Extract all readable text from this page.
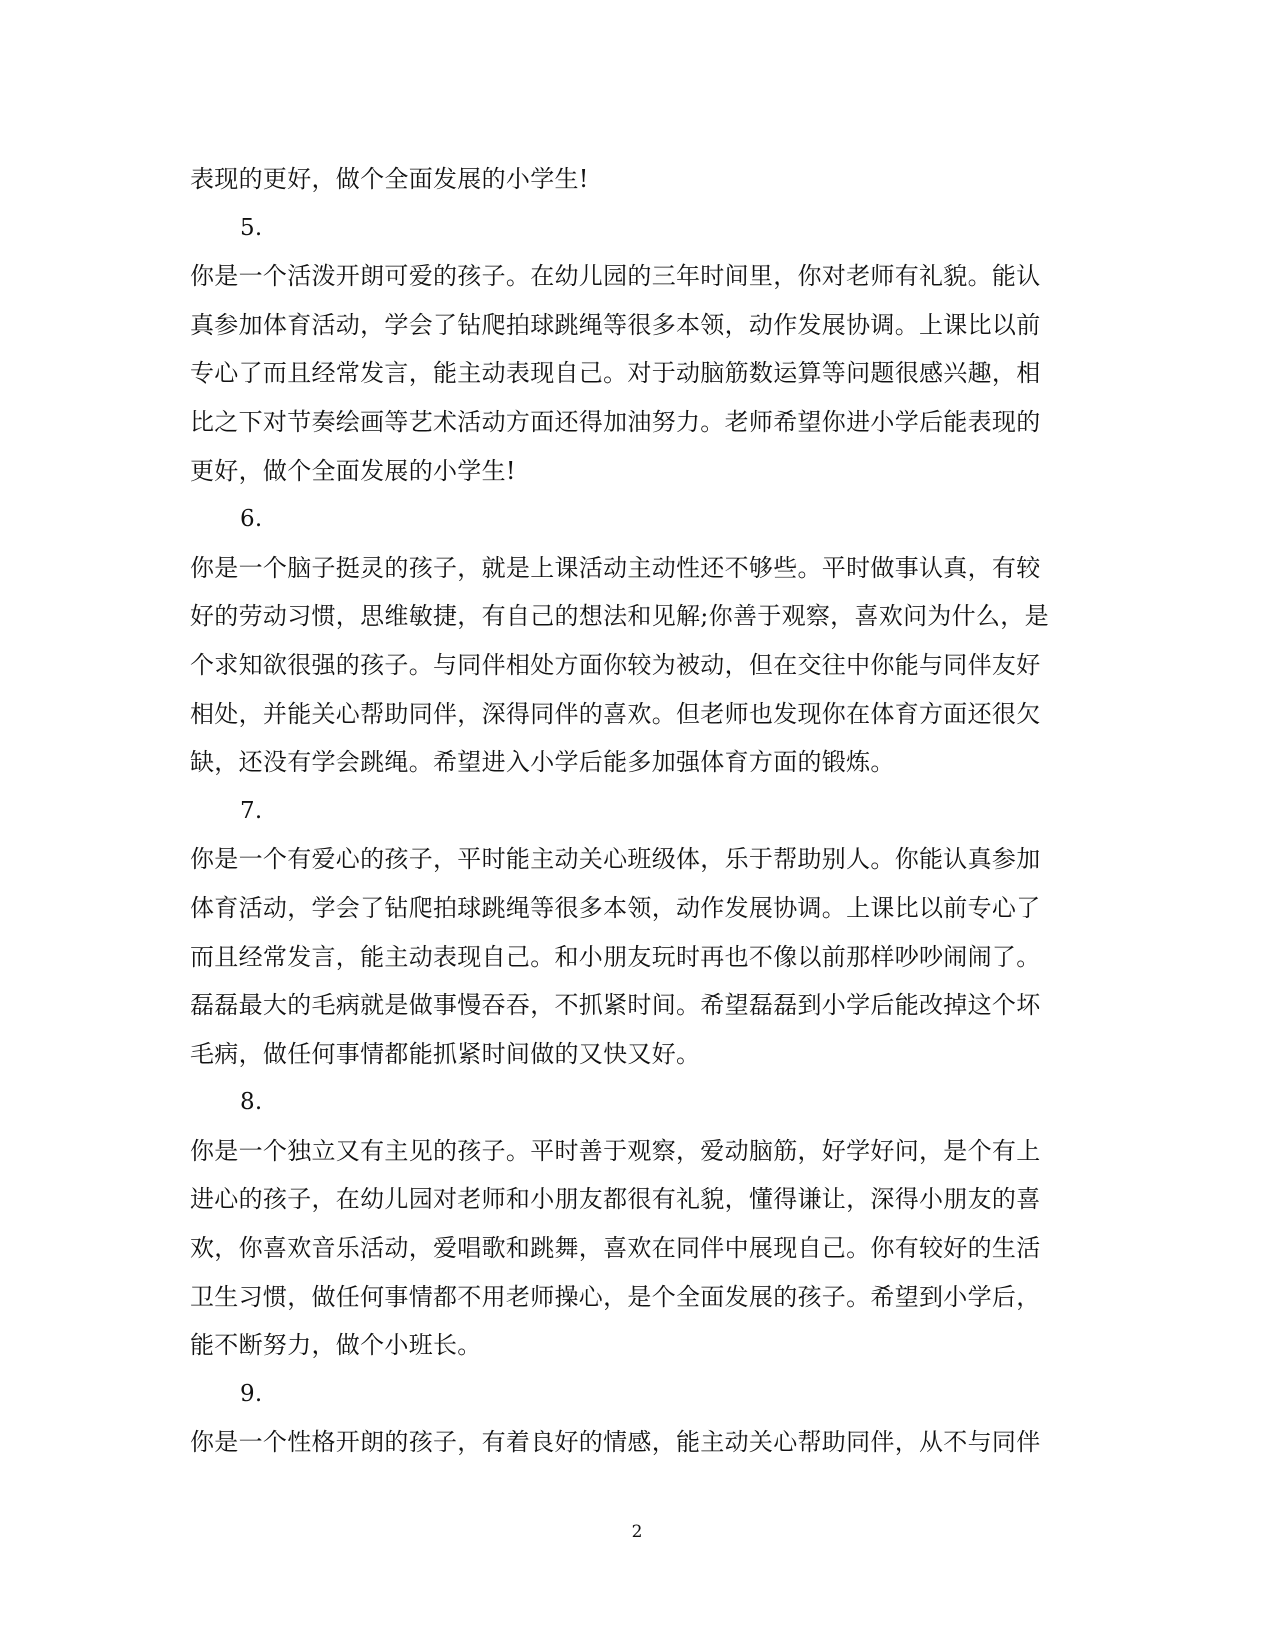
表现的更好，做个全面发展的小学生!
5.
你是一个活泼开朗可爱的孩子。在幼儿园的三年时间里，你对老师有礼貌。能认
真参加体育活动，学会了钻爬拍球跳绳等很多本领，动作发展协调。上课比以前
专心了而且经常发言，能主动表现自己。对于动脑筋数运算等问题很感兴趣，相
比之下对节奏绘画等艺术活动方面还得加油努力。老师希望你进小学后能表现的
更好，做个全面发展的小学生!
6.
你是一个脑子挺灵的孩子，就是上课活动主动性还不够些。平时做事认真，有较
好的劳动习惯，思维敏捷，有自己的想法和见解;你善于观察，喜欢问为什么，是
个求知欲很强的孩子。与同伴相处方面你较为被动，但在交往中你能与同伴友好
相处，并能关心帮助同伴，深得同伴的喜欢。但老师也发现你在体育方面还很欠
缺，还没有学会跳绳。希望进入小学后能多加强体育方面的锻炼。
7.
你是一个有爱心的孩子，平时能主动关心班级体，乐于帮助别人。你能认真参加
体育活动，学会了钻爬拍球跳绳等很多本领，动作发展协调。上课比以前专心了
而且经常发言，能主动表现自己。和小朋友玩时再也不像以前那样吵吵闹闹了。
磊磊最大的毛病就是做事慢吞吞，不抓紧时间。希望磊磊到小学后能改掉这个坏
毛病，做任何事情都能抓紧时间做的又快又好。
8.
你是一个独立又有主见的孩子。平时善于观察，爱动脑筋，好学好问，是个有上
进心的孩子，在幼儿园对老师和小朋友都很有礼貌，懂得谦让，深得小朋友的喜
欢，你喜欢音乐活动，爱唱歌和跳舞，喜欢在同伴中展现自己。你有较好的生活
卫生习惯，做任何事情都不用老师操心，是个全面发展的孩子。希望到小学后，
能不断努力，做个小班长。
9.
你是一个性格开朗的孩子，有着良好的情感，能主动关心帮助同伴，从不与同伴
2
